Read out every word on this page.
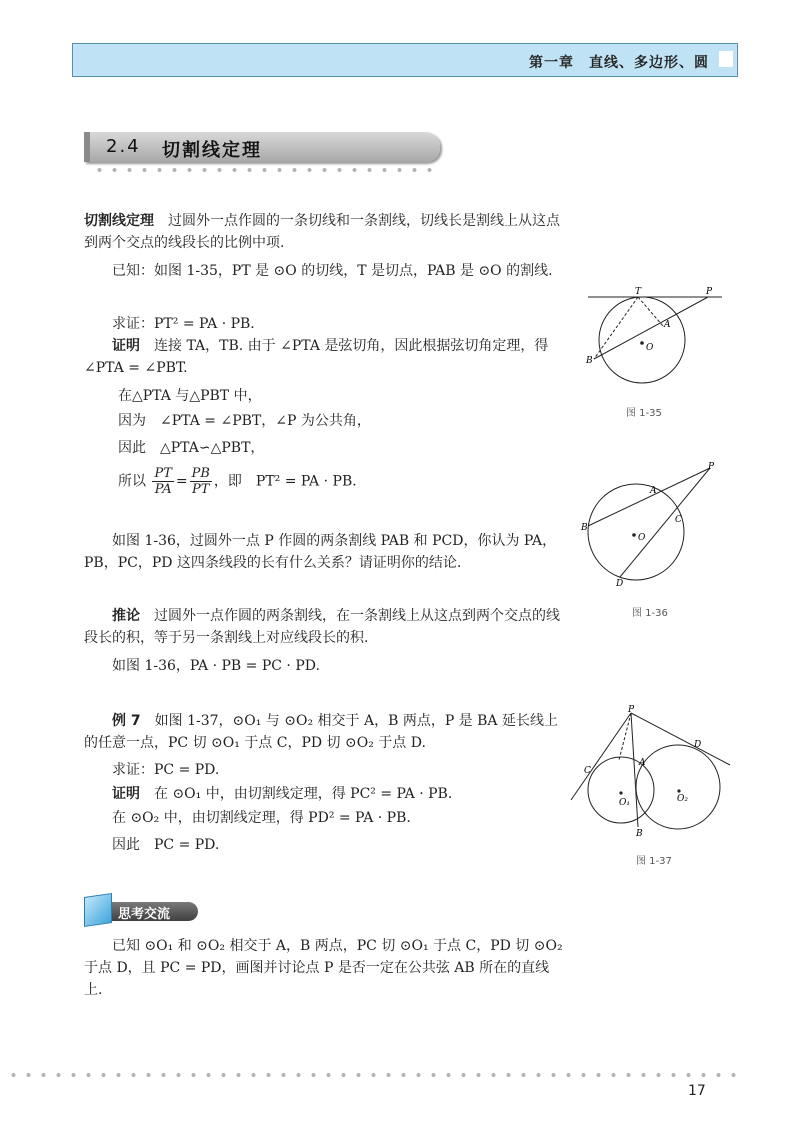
第一章　直线、多边形、圆
2.4 切割线定理
切割线定理　过圆外一点作圆的一条切线和一条割线，切线长是割线上从这点到两个交点的线段长的比例中项.
已知：如图 1-35，PT 是 ⊙O 的切线，T 是切点，PAB 是 ⊙O 的割线.
求证：PT² = PA · PB.
证明　连接 TA，TB. 由于 ∠PTA 是弦切角，因此根据弦切角定理，得 ∠PTA = ∠PBT.
在△PTA 与△PBT 中，
因为　∠PTA = ∠PBT，∠P 为公共角，
因此　△PTA∽△PBT，
所以 $\frac{PT}{PA} = \frac{PB}{PT}$ ，即　PT² = PA · PB.
如图 1-36，过圆外一点 P 作圆的两条割线 PAB 和 PCD，你认为 PA，PB，PC，PD 这四条线段的长有什么关系？请证明你的结论.
推论　过圆外一点作圆的两条割线，在一条割线上从这点到两个交点的线段长的积，等于另一条割线上对应线段长的积.
如图 1-36，PA · PB = PC · PD.
例 7　如图 1-37，⊙O₁ 与 ⊙O₂ 相交于 A，B 两点，P 是 BA 延长线上的任意一点，PC 切 ⊙O₁ 于点 C，PD 切 ⊙O₂ 于点 D.
求证：PC = PD.
证明　在 ⊙O₁ 中，由切割线定理，得 PC² = PA · PB.
在 ⊙O₂ 中，由切割线定理，得 PD² = PA · PB.
因此　PC = PD.
思考交流
已知 ⊙O₁ 和 ⊙O₂ 相交于 A，B 两点，PC 切 ⊙O₁ 于点 C，PD 切 ⊙O₂ 于点 D，且 PC = PD，画图并讨论点 P 是否一定在公共弦 AB 所在的直线上.
T	P
A
B
O
图 1-35
P
A
B
C
D
O
图 1-36
P
A
B
C
D
O₁	O₂
图 1-37
17
